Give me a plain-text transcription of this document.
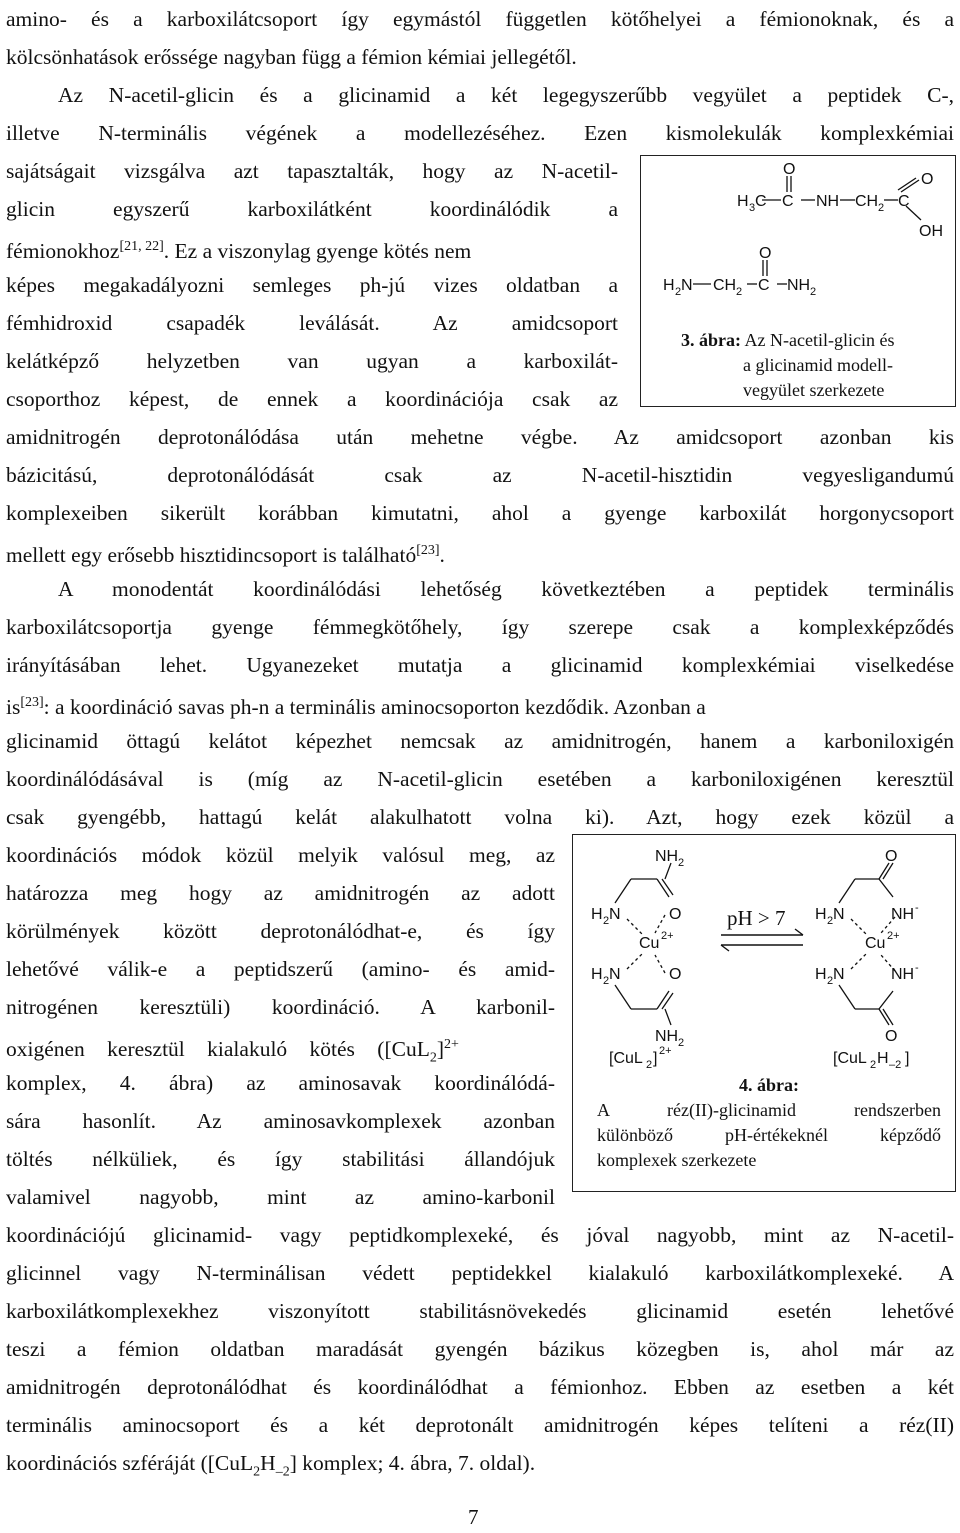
amino- és a karboxilátcsoport így egymástól független kötőhelyei a fémionoknak, és a

kölcsönhatások erőssége nagyban függ a fémion kémiai jellegétől.

Az N-acetil-glicin és a glicinamid a két legegyszerűbb vegyület a peptidek C-,

illetve N-terminális végének a modellezéséhez. Ezen kismolekulák komplexkémiai

sajátságait vizsgálva azt tapasztalták, hogy az N-acetil-

glicin egyszerű karboxilátként koordinálódik a

fémionokhoz[21, 22]. Ez a viszonylag gyenge kötés nem

képes megakadályozni semleges ph-jú vizes oldatban a

fémhidroxid csapadék leválását. Az amidcsoport

kelátképző helyzetben van ugyan a karboxilát-

csoporthoz képest, de ennek a koordinációja csak az

amidnitrogén deprotonálódása után mehetne végbe. Az amidcsoport azonban kis

bázicitású, deprotonálódását csak az N-acetil-hisztidin vegyesligandumú

komplexeiben sikerült korábban kimutatni, ahol a gyenge karboxilát horgonycsoport

mellett egy erősebb hisztidincsoport is található[23].

A monodentát koordinálódási lehetőség következtében a peptidek terminális

karboxilátcsoportja gyenge fémmegkötőhely, így szerepe csak a komplexképződés

irányításában lehet. Ugyanezeket mutatja a glicinamid komplexkémiai viselkedése

is[23]: a koordináció savas ph-n a terminális aminocsoporton kezdődik. Azonban a

glicinamid öttagú kelátot képezhet nemcsak az amidnitrogén, hanem a karboniloxigén

koordinálódásával is (míg az N-acetil-glicin esetében a karboniloxigénen keresztül

csak gyengébb, hattagú kelát alakulhatott volna ki). Azt, hogy ezek közül a

koordinációs módok közül melyik valósul meg, az

határozza meg hogy az amidnitrogén az adott

körülmények között deprotonálódhat-e, és így

lehetővé válik-e a peptidszerű (amino- és amid-

nitrogénen keresztüli) koordináció. A karbonil-

oxigénen keresztül kialakuló kötés ($[CuL_2]^{2+}$

komplex, 4. ábra) az aminosavak koordinálódá-

sára hasonlít. Az aminosavkomplexek azonban

töltés nélküliek, és így stabilitási állandójuk

valamivel nagyobb, mint az amino-karbonil

koordinációjú glicinamid- vagy peptidkomplexeké, és jóval nagyobb, mint az N-acetil-

glicinnel vagy N-terminálisan védett peptidekkel kialakuló karboxilátkomplexeké. A

karboxilátkomplexekhez viszonyított stabilitásnövekedés glicinamid esetén lehetővé

teszi a fémion oldatban maradását gyengén bázikus közegben is, ahol már az

amidnitrogén deprotonálódhat és koordinálódhat a fémionhoz. Ebben az esetben a két

terminális aminocsoport és a két deprotonált amidnitrogén képes telíteni a réz(II)

koordinációs szféráját ($[CuL_2H_{-2}]$ komplex; 4. ábra, 7. oldal).

O
H 3 C C NH CH 2 C
O
OH
O
H 2 N CH 2 C NH 2
3. ábra: Az N-acetil-glicin és
a glicinamid modell-
vegyület szerkezete
NH 2
H 2 N	O
Cu 2+
H 2 N	O
NH 2
[CuL 2 ] 2+
pH > 7
O
H 2 N	NH -
Cu 2+
H 2 N	NH -
O
[CuL 2 H –2 ]
4. ábra:
A réz(II)-glicinamid rendszerben
különböző pH-értékeknél képződő
komplexek szerkezete
7
